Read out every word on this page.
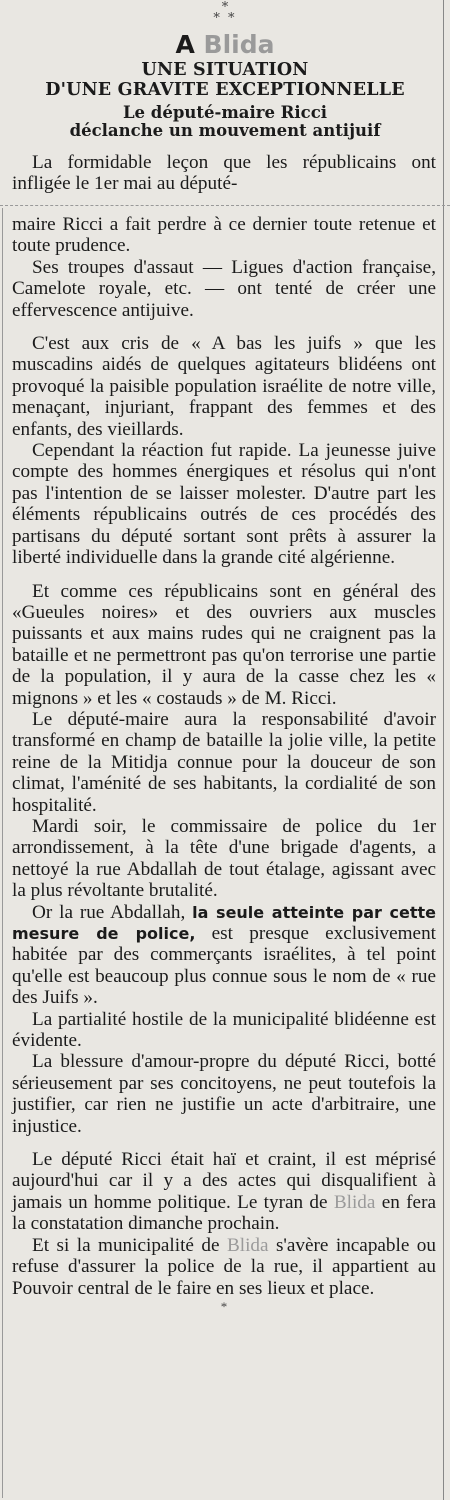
*
* *
A Blida
UNE SITUATION
D'UNE GRAVITE EXCEPTIONNELLE
Le député-maire Ricci
déclanche un mouvement antijuif

La formidable leçon que les républicains ont infligée le 1er mai au député-

maire Ricci a fait perdre à ce dernier toute retenue et toute prudence.

Ses troupes d'assaut — Ligues d'action française, Camelote royale, etc. — ont tenté de créer une effervescence antijuive.

C'est aux cris de « A bas les juifs » que les muscadins aidés de quelques agitateurs blidéens ont provoqué la paisible population israélite de notre ville, menaçant, injuriant, frappant des femmes et des enfants, des vieillards.

Cependant la réaction fut rapide. La jeunesse juive compte des hommes énergiques et résolus qui n'ont pas l'intention de se laisser molester. D'autre part les éléments républicains outrés de ces procédés des partisans du député sortant sont prêts à assurer la liberté individuelle dans la grande cité algérienne.

Et comme ces républicains sont en général des «Gueules noires» et des ouvriers aux muscles puissants et aux mains rudes qui ne craignent pas la bataille et ne permettront pas qu'on terrorise une partie de la population, il y aura de la casse chez les « mignons » et les « costauds » de M. Ricci.

Le député-maire aura la responsabilité d'avoir transformé en champ de bataille la jolie ville, la petite reine de la Mitidja connue pour la douceur de son climat, l'aménité de ses habitants, la cordialité de son hospitalité.

Mardi soir, le commissaire de police du 1er arrondissement, à la tête d'une brigade d'agents, a nettoyé la rue Abdallah de tout étalage, agissant avec la plus révoltante brutalité.

Or la rue Abdallah, la seule atteinte par cette mesure de police, est presque exclusivement habitée par des commerçants israélites, à tel point qu'elle est beaucoup plus connue sous le nom de « rue des Juifs ».

La partialité hostile de la municipalité blidéenne est évidente.

La blessure d'amour-propre du député Ricci, botté sérieusement par ses concitoyens, ne peut toutefois la justifier, car rien ne justifie un acte d'arbitraire, une injustice.

Le député Ricci était haï et craint, il est méprisé aujourd'hui car il y a des actes qui disqualifient à jamais un homme politique. Le tyran de Blida en fera la constatation dimanche prochain.

Et si la municipalité de Blida s'avère incapable ou refuse d'assurer la police de la rue, il appartient au Pouvoir central de le faire en ses lieux et place.

*
